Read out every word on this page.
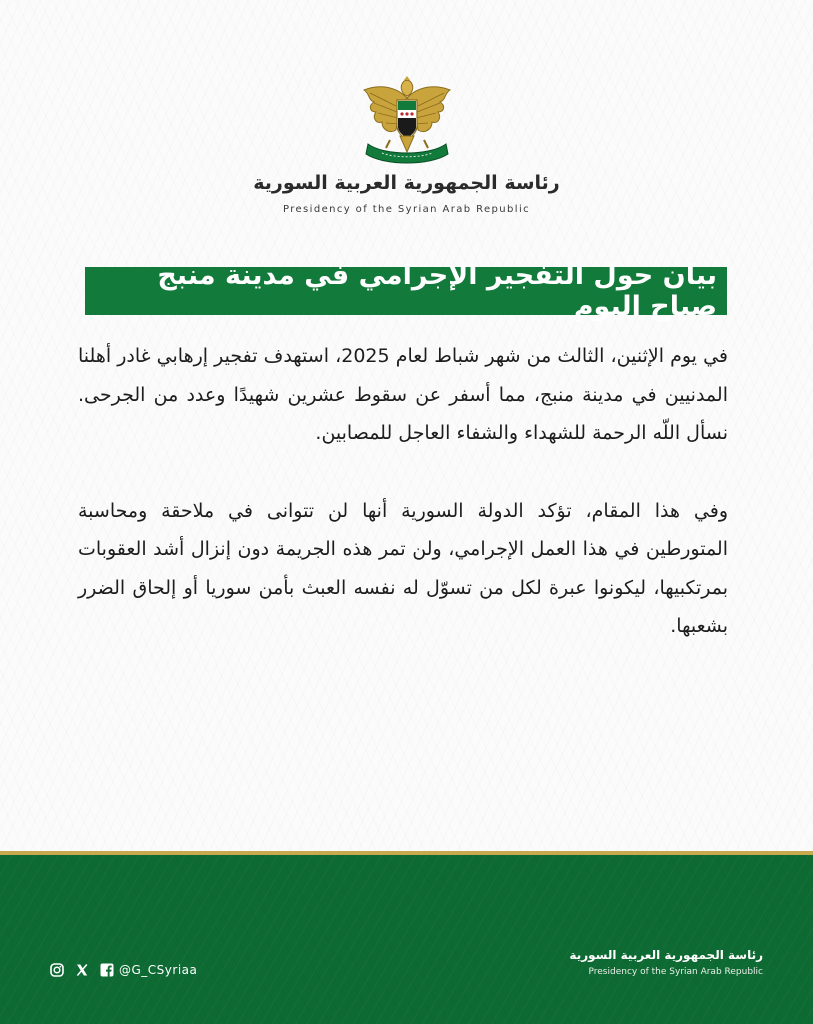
رئاسة الجمهورية العربية السورية
Presidency of the Syrian Arab Republic
بيان حول التفجير الإجرامي في مدينة منبج صباح اليوم

في يوم الإثنين، الثالث من شهر شباط لعام 2025، استهدف تفجير إرهابي غادر أهلنا المدنيين في مدينة منبج، مما أسفر عن سقوط عشرين شهيدًا وعدد من الجرحى. نسأل اللّه الرحمة للشهداء والشفاء العاجل للمصابين.

وفي هذا المقام، تؤكد الدولة السورية أنها لن تتوانى في ملاحقة ومحاسبة المتورطين في هذا العمل الإجرامي، ولن تمر هذه الجريمة دون إنزال أشد العقوبات بمرتكبيها، ليكونوا عبرة لكل من تسوّل له نفسه العبث بأمن سوريا أو إلحاق الضرر بشعبها.

@G_CSyriaa
رئاسة الجمهورية العربية السورية
Presidency of the Syrian Arab Republic
